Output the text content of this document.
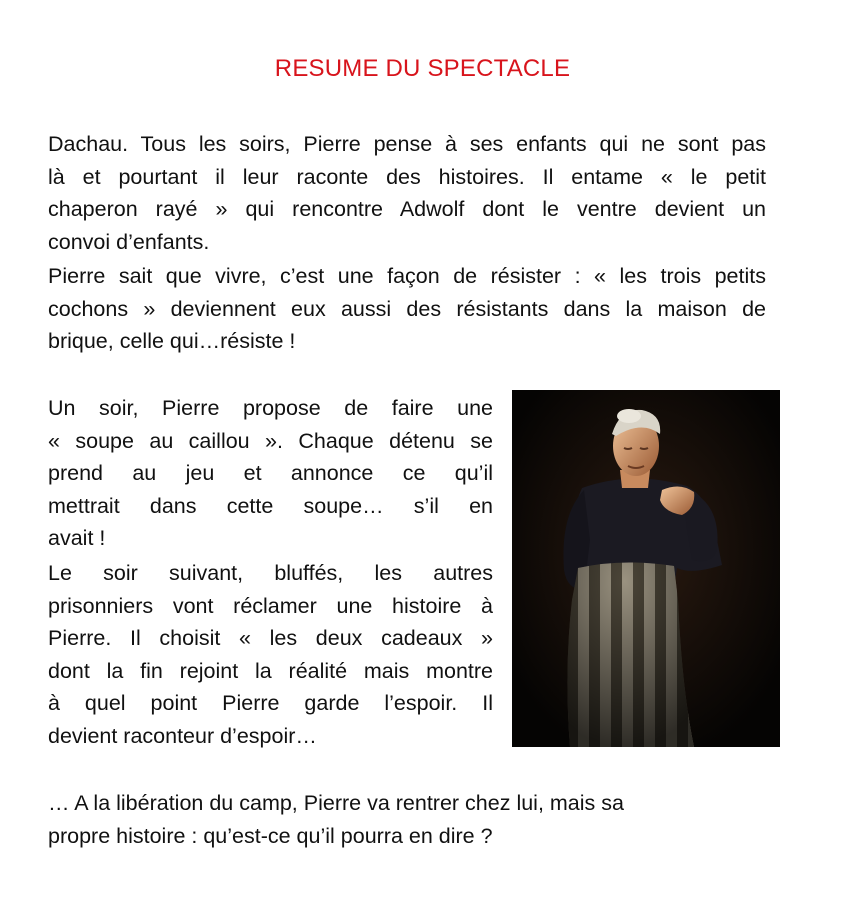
RESUME DU SPECTACLE

Dachau. Tous les soirs, Pierre pense à ses enfants qui ne sont pas
là et pourtant il leur raconte des histoires. Il entame « le petit
chaperon rayé » qui rencontre Adwolf dont le ventre devient un
convoi d’enfants.

Pierre sait que vivre, c’est une façon de résister : « les trois petits
cochons » deviennent eux aussi des résistants dans la maison de
brique, celle qui…résiste !

Un soir, Pierre propose de faire une
« soupe au caillou ». Chaque détenu se
prend au jeu et annonce ce qu’il
mettrait dans cette soupe… s’il en
avait !

Le soir suivant, bluffés, les autres
prisonniers vont réclamer une histoire à
Pierre. Il choisit « les deux cadeaux »
dont la fin rejoint la réalité mais montre
à quel point Pierre garde l’espoir. Il
devient raconteur d’espoir…

… A la libération du camp, Pierre va rentrer chez lui, mais sa
propre histoire : qu’est-ce qu’il pourra en dire ?
